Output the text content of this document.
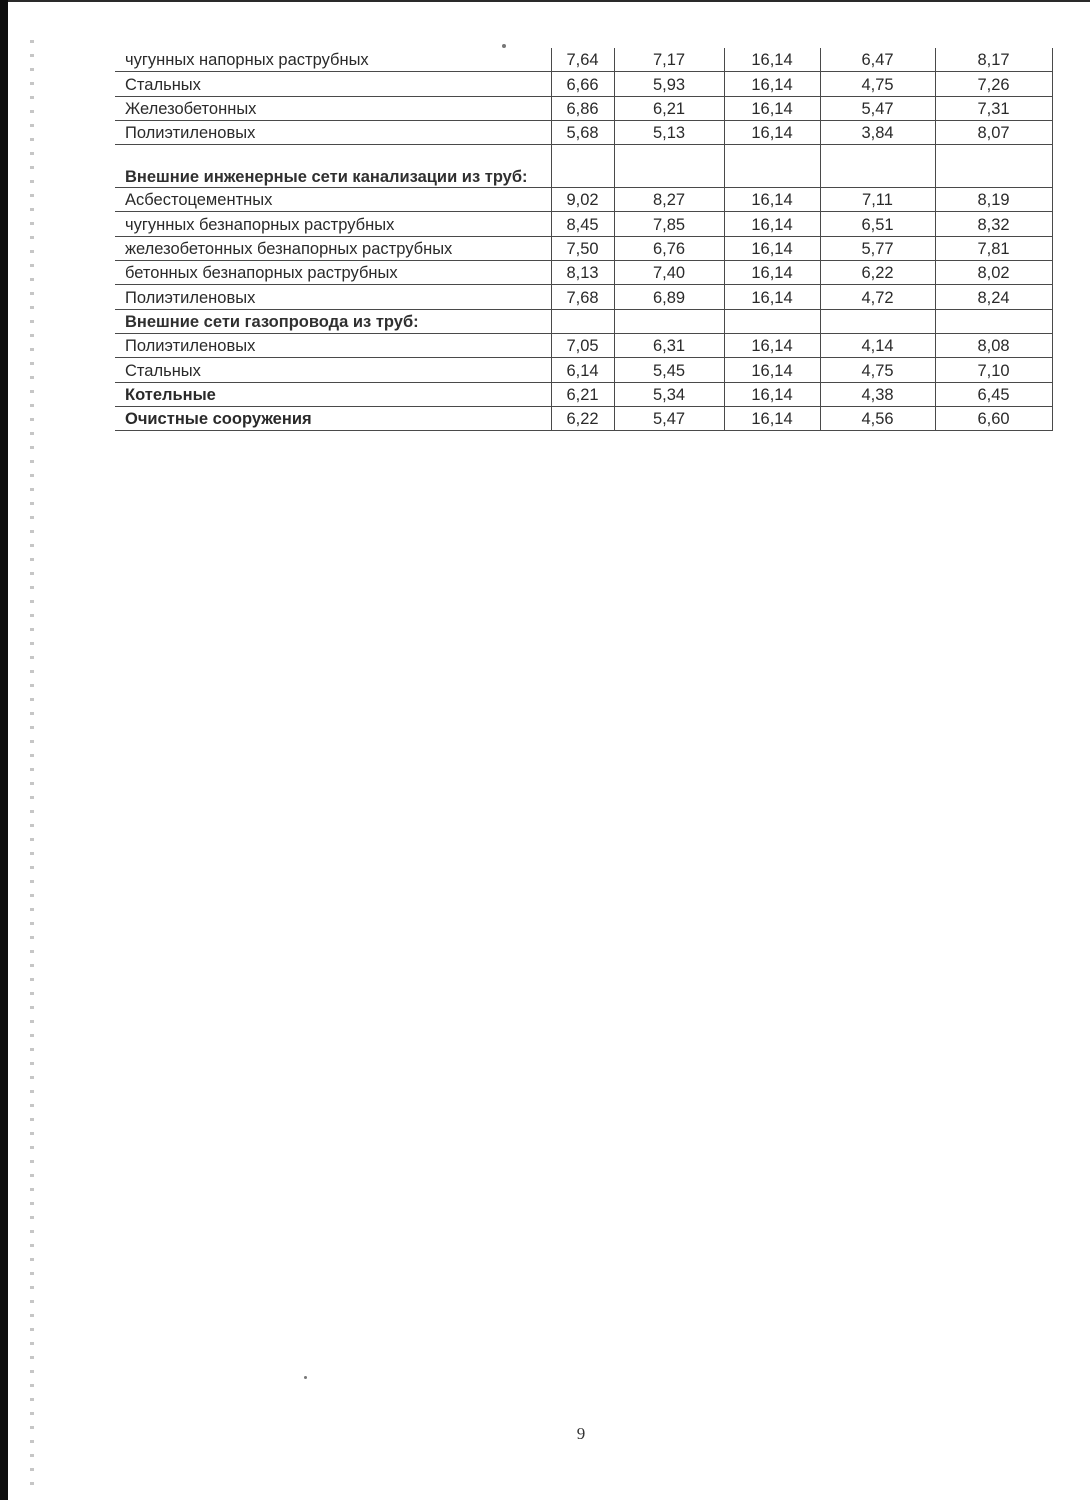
чугунных напорных раструбных	7,64	7,17	16,14	6,47	8,17
Стальных	6,66	5,93	16,14	4,75	7,26
Железобетонных	6,86	6,21	16,14	5,47	7,31
Полиэтиленовых	5,68	5,13	16,14	3,84	8,07
Внешние инженерные сети канализации из труб:					
Асбестоцементных	9,02	8,27	16,14	7,11	8,19
чугунных безнапорных раструбных	8,45	7,85	16,14	6,51	8,32
железобетонных безнапорных раструбных	7,50	6,76	16,14	5,77	7,81
бетонных безнапорных раструбных	8,13	7,40	16,14	6,22	8,02
Полиэтиленовых	7,68	6,89	16,14	4,72	8,24
Внешние сети газопровода из труб:					
Полиэтиленовых	7,05	6,31	16,14	4,14	8,08
Стальных	6,14	5,45	16,14	4,75	7,10
Котельные	6,21	5,34	16,14	4,38	6,45
Очистные сооружения	6,22	5,47	16,14	4,56	6,60
9
